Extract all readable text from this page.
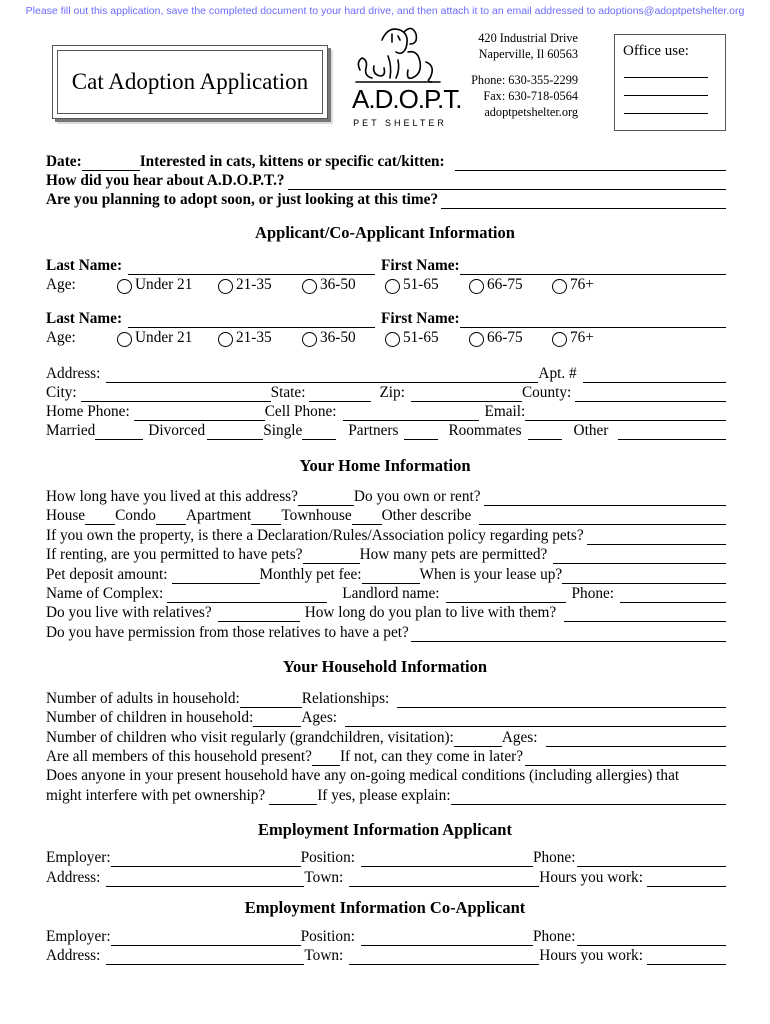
Please fill out this application, save the completed document to your hard drive, and then attach it to an email addressed to adoptions@adoptpetshelter.org
Cat Adoption Application
A.D.O.P.T.
PET SHELTER
420 Industrial Drive
Naperville, Il 60563
Phone: 630-355-2299
Fax: 630-718-0564
adoptpetshelter.org
Office use:
Date:	Interested in cats, kittens or specific cat/kitten:
How did you hear about A.D.O.P.T.?
Are you planning to adopt soon, or just looking at this time?
Applicant/Co-Applicant Information
Last Name:	First Name:
Age:	Under 21	21-35	36-50	51-65	66-75	76+
Last Name:	First Name:
Age:	Under 21	21-35	36-50	51-65	66-75	76+
Address:	Apt. #
City:	State:	Zip:	County:
Home Phone:	Cell Phone:	Email:
Married	Divorced	Single	Partners	Roommates	Other
Your Home Information
How long have you lived at this address?	Do you own or rent?
House Condo Apartment Townhouse Other describe
If you own the property, is there a Declaration/Rules/Association policy regarding pets?
If renting, are you permitted to have pets?	How many pets are permitted?
Pet deposit amount:	Monthly pet fee:	When is your lease up?
Name of Complex:	Landlord name:	Phone:
Do you live with relatives?	How long do you plan to live with them?
Do you have permission from those relatives to have a pet?
Your Household Information
Number of adults in household:	Relationships:
Number of children in household:	Ages:
Number of children who visit regularly (grandchildren, visitation):	Ages:
Are all members of this household present? If not, can they come in later?
Does anyone in your present household have any on-going medical conditions (including allergies) that
might interfere with pet ownership?	If yes, please explain:
Employment Information Applicant
Employer:	Position:	Phone:
Address:	Town:	Hours you work:
Employment Information Co-Applicant
Employer:	Position:	Phone:
Address:	Town:	Hours you work:
